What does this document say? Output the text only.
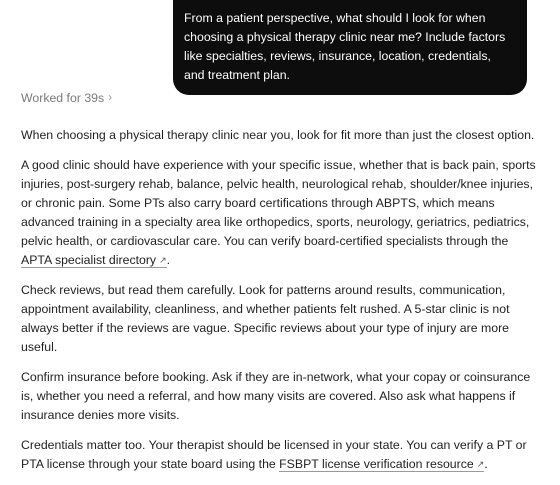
From a patient perspective, what should I look for when choosing a physical therapy clinic near me? Include factors like specialties, reviews, insurance, location, credentials, and treatment plan.
Worked for 39s ›

When choosing a physical therapy clinic near you, look for fit more than just the closest option.

A good clinic should have experience with your specific issue, whether that is back pain, sports injuries, post-surgery rehab, balance, pelvic health, neurological rehab, shoulder/knee injuries, or chronic pain. Some PTs also carry board certifications through ABPTS, which means advanced training in a specialty area like orthopedics, sports, neurology, geriatrics, pediatrics, pelvic health, or cardiovascular care. You can verify board-certified specialists through the APTA specialist directory ↗.

Check reviews, but read them carefully. Look for patterns around results, communication, appointment availability, cleanliness, and whether patients felt rushed. A 5-star clinic is not always better if the reviews are vague. Specific reviews about your type of injury are more useful.

Confirm insurance before booking. Ask if they are in-network, what your copay or coinsurance is, whether you need a referral, and how many visits are covered. Also ask what happens if insurance denies more visits.

Credentials matter too. Your therapist should be licensed in your state. You can verify a PT or PTA license through your state board using the FSBPT license verification resource ↗.
